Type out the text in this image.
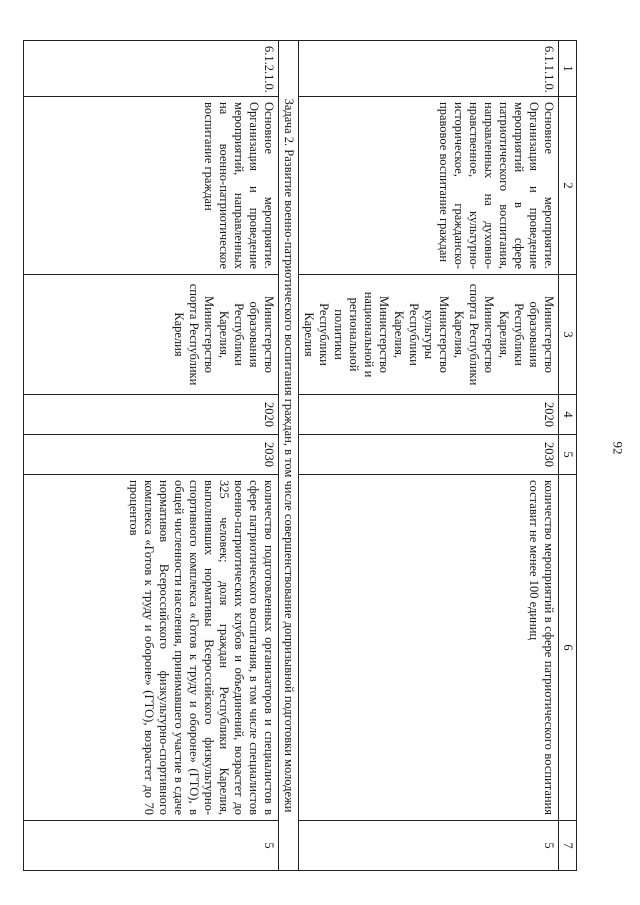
92
1	2	3	4	5	6	7
6.1.1.1.0.	Основное мероприятие. Организация и проведение мероприятий в сфере патриотического воспитания, направленных на духовно-нравственное, культурно-историческое, гражданско-правовое воспитание граждан	Министерство образования Республики Карелия, Министерство спорта Республики Карелия, Министерство культуры Республики Карелия, Министерство национальной и региональной политики Республики Карелия	2020	2030	количество мероприятий в сфере патриотического воспитания составит не менее 100 единиц	5
Задача 2. Развитие военно-патриотического воспитания граждан, в том числе совершенствование допризывной подготовки молодежи						
6.1.2.1.0.	Основное мероприятие. Организация и проведение мероприятий, направленных на военно-патриотическое воспитание граждан	Министерство образования Республики Карелия, Министерство спорта Республики Карелия	2020	2030	количество подготовленных организаторов и специалистов в сфере патриотического воспитания, в том числе специалистов военно-патриотических клубов и объединений, возрастет до 325 человек; доля граждан Республики Карелия, выполнивших нормативы Всероссийского физкультурно-спортивного комплекса «Готов к труду и обороне» (ГТО), в общей численности населения, принимавшего участие в сдаче нормативов Всероссийского физкультурно-спортивного комплекса «Готов к труду и обороне» (ГТО), возрастет до 70 процентов	5
